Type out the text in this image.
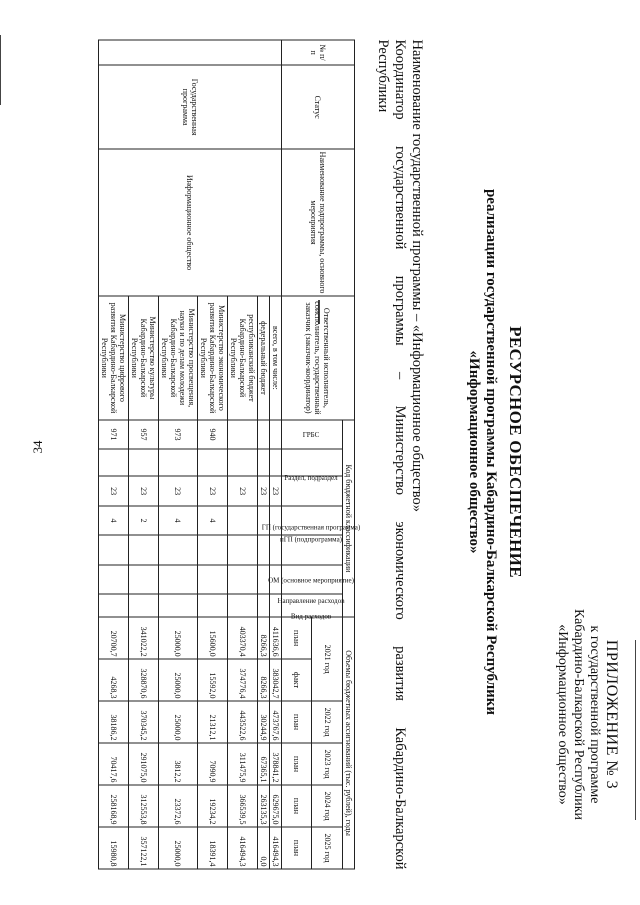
34
ПРИЛОЖЕНИЕ № 3
к государственной программе
Кабардино-Балкарской Республики
«Информационное общество»
РЕСУРСНОЕ ОБЕСПЕЧЕНИЕ
реализации государственной программы Кабардино-Балкарской Республики
«Информационное общество»
Наименование государственной программы – «Информационное общество»
Координатор
государственной
программы
–
Министерство
экономического
развития
Кабардино-Балкарской
Республики
№ п/п	Статус	Наименование подпрограммы, основного мероприятия	Ответственный исполнитель, соисполнитель, государственный заказчик (заказчик-координатор)	Код бюджетной классификации							Объемы бюджетных ассигнований (тыс. рублей), годы					
				ГРБС	Раздел, подраздел	ГП (государственная программа)	пГП (подпрограмма)	ОМ (основное мероприятие)	Направление расходов	Вид расходов	2021 год		2022 год	2023 год	2024 год	2025 год
											план	факт	план	план	план	план
	Государственная программа	Информационное общество	всего, в том числе:			23					411636,6	383042,7	473767,6	378841,2	629675,0	416494,3
			федеральный бюджет			23					8266,3	8266,3	30244,9	67365,1	263135,3	0,0
			республиканский бюджет Кабардино-Балкарской Республики			23					403370,4	374776,4	443522,6	311475,9	366539,5	416494,3
			Министерство экономического развития Кабардино-Балкарской Республики	940		23	4				15600,0	15592,0	21312,1	7090,9	19234,2	18391,4
			Министерство просвещения, науки и по делам молодежи Кабардино-Балкарской Республики	973		23	4				25000,0	25000,0	25000,0	3812,2	23372,6	25000,0
			Министерство культуры Кабардино-Балкарской Республики	957		23	2				341022,2	328870,6	370345,2	291075,0	312553,8	357122,1
			Министерство цифрового развития Кабардино-Балкарской Республики	971		23	4				20700,7	4268,3	38186,2	70417,6	258168,9	15980,8
